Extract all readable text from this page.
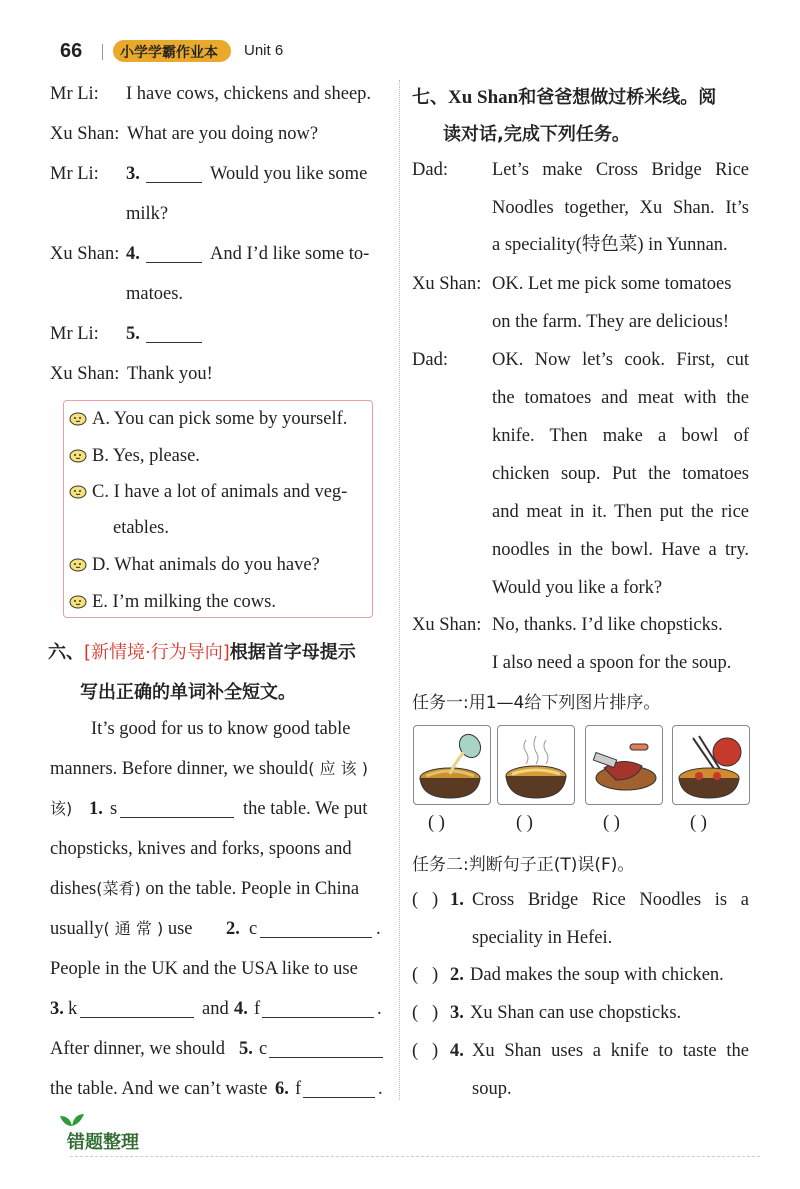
66	小学学霸作业本 Unit 6
Mr Li: I have cows, chickens and sheep.
Xu Shan: What are you doing now?
Mr Li: 3.	Would you like some
milk?
Xu Shan: 4.	And I’d like some to-
matoes.
Mr Li: 5.
Xu Shan: Thank you!
A. You can pick some by yourself.
B. Yes, please.
C. I have a lot of animals and veg-
etables.
D. What animals do you have?
E. I’m milking the cows.
六、[新情境·行为导向]根据首字母提示
写出正确的单词补全短文。
It’s good for us to know good table
manners. Before dinner, we should( 应 该 )
该) 1. s	the table. We put
chopsticks, knives and forks, spoons and
dishes(菜肴) on the table. People in China
usually( 通 常 ) use 2. c	.
People in the UK and the USA like to use
3. k	and 4. f	.
After dinner, we should 5. c
the table. And we can’t waste 6. f	.
七、Xu Shan和爸爸想做过桥米线。阅
读对话,完成下列任务。
Dad: Let’s make Cross Bridge Rice
Noodles together, Xu Shan. It’s
a speciality(特色菜) in Yunnan.
Xu Shan: OK. Let me pick some tomatoes
on the farm. They are delicious!
Dad: OK. Now let’s cook. First, cut
the tomatoes and meat with the
knife. Then make a bowl of
chicken soup. Put the tomatoes
and meat in it. Then put the rice
noodles in the bowl. Have a try.
Would you like a fork?
Xu Shan: No, thanks. I’d like chopsticks.
I also need a spoon for the soup.
任务一:用1—4给下列图片排序。
( )	( )	( )	( )
任务二:判断句子正(T)误(F)。
(   ) 1. Cross Bridge Rice Noodles is a
speciality in Hefei.
(   ) 2. Dad makes the soup with chicken.
(   ) 3. Xu Shan can use chopsticks.
(   ) 4. Xu Shan uses a knife to taste the
soup.
错题整理
